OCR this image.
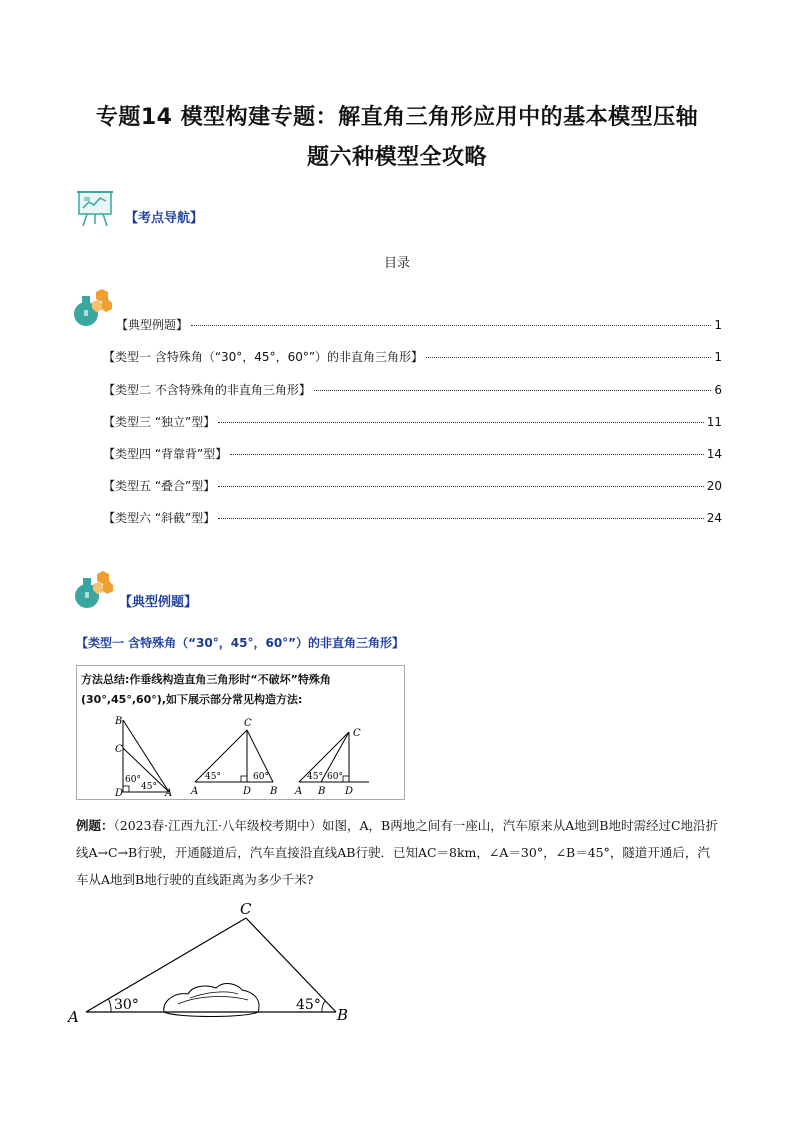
专题14 模型构建专题：解直角三角形应用中的基本模型压轴
题六种模型全攻略
【考点导航】
目录
【典型例题】	1
【类型一 含特殊角（“30°，45°，60°”）的非直角三角形】	1
【类型二 不含特殊角的非直角三角形】	6
【类型三 “独立”型】	11
【类型四 “背靠背”型】	14
【类型五 “叠合”型】	20
【类型六 “斜截”型】	24
【典型例题】
【类型一 含特殊角（“30°，45°，60°”）的非直角三角形】
方法总结:作垂线构造直角三角形时“不破坏”特殊角(30°,45°,60°),如下展示部分常见构造方法:
B
C
D	A
60°
45°
C
A	D B
45°	60°
C
A B D
45° 60°
例题：（2023春·江西九江·八年级校考期中）如图，A，B两地之间有一座山，汽车原来从A地到B地时需经过C地沿折线A→C→B行驶，开通隧道后，汽车直接沿直线AB行驶．已知AC＝8km，∠A＝30°，∠B＝45°，隧道开通后，汽车从A地到B地行驶的直线距离为多少千米?
A	B
C
30°	45°
